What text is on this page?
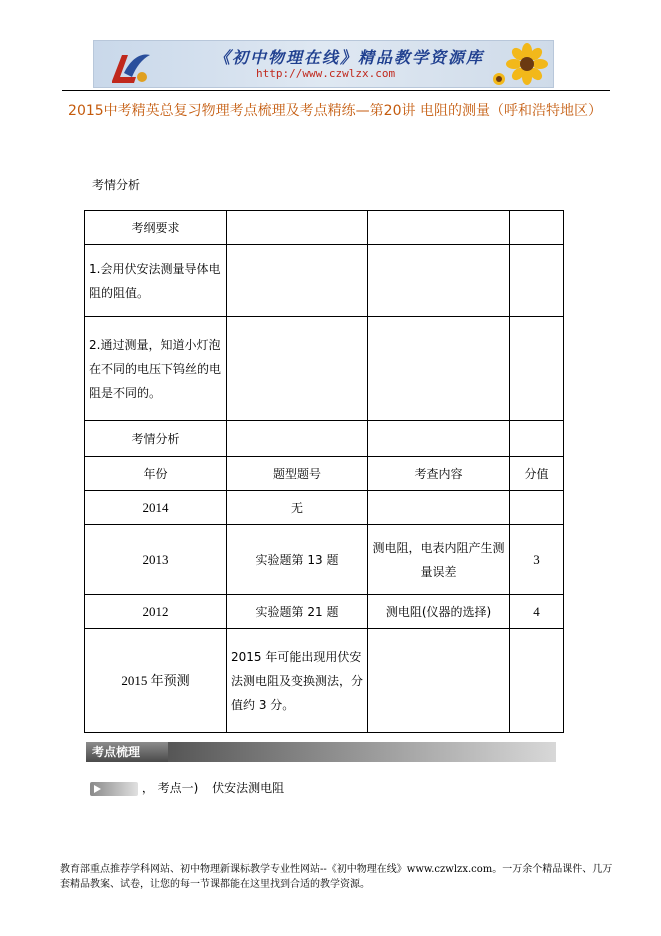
《初中物理在线》精品教学资源库
http://www.czwlzx.com
2015中考精英总复习物理考点梳理及考点精练—第20讲 电阻的测量（呼和浩特地区）
考情分析
考纲要求			
1.会用伏安法测量导体电阻的阻值。			
2.通过测量，知道小灯泡在不同的电压下钨丝的电阻是不同的。			
考情分析			
年份	题型题号	考查内容	分值
2014	无		
2013	实验题第 13 题	测电阻，电表内阻产生测量误差	3
2012	实验题第 21 题	测电阻(仪器的选择)	4
2015 年预测	2015 年可能出现用伏安法测电阻及变换测法，分值约 3 分。		
考点梳理
， 考点一) 伏安法测电阻
教育部重点推荐学科网站、初中物理新课标教学专业性网站--《初中物理在线》www.czwlzx.com。一万余个精品课件、几万套精品教案、试卷，让您的每一节课都能在这里找到合适的教学资源。
